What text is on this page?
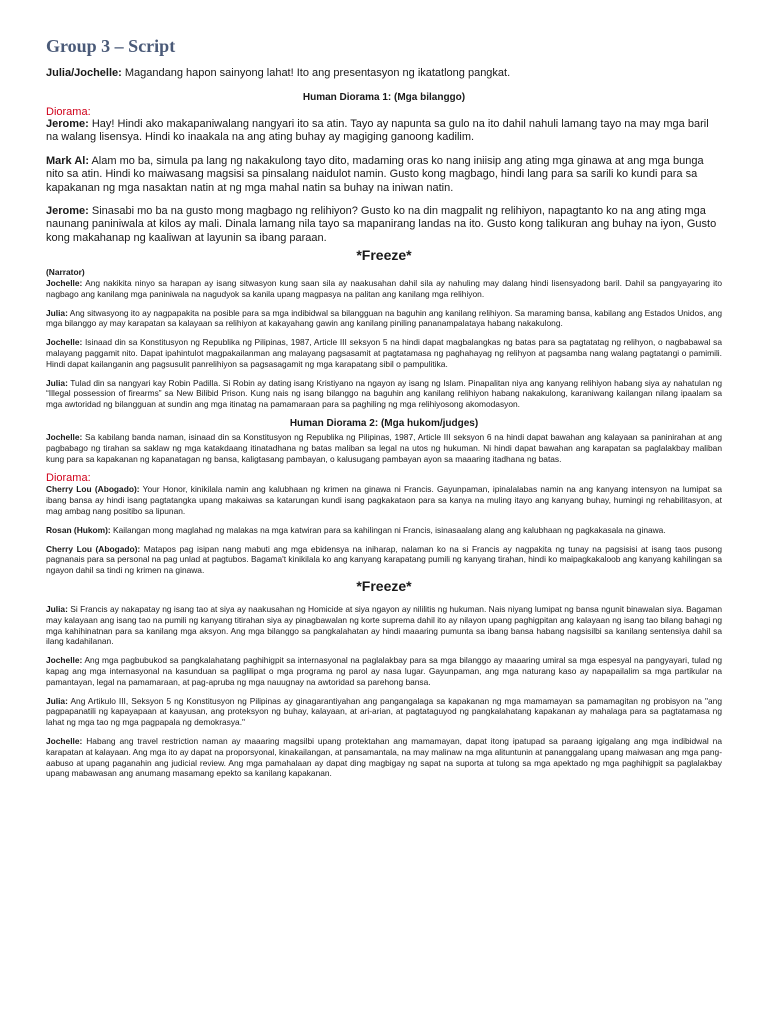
Group 3 – Script

Julia/Jochelle: Magandang hapon sainyong lahat! Ito ang presentasyon ng ikatatlong pangkat.

Human Diorama 1: (Mga bilanggo)

Diorama:

Jerome: Hay! Hindi ako makapaniwalang nangyari ito sa atin. Tayo ay napunta sa gulo na ito dahil nahuli lamang tayo na may mga baril na walang lisensya. Hindi ko inaakala na ang ating buhay ay magiging ganoong kadilim.

Mark Al: Alam mo ba, simula pa lang ng nakakulong tayo dito, madaming oras ko nang iniisip ang ating mga ginawa at ang mga bunga nito sa atin. Hindi ko maiwasang magsisi sa pinsalang naidulot namin. Gusto kong magbago, hindi lang para sa sarili ko kundi para sa kapakanan ng mga nasaktan natin at ng mga mahal natin sa buhay na iniwan natin.

Jerome: Sinasabi mo ba na gusto mong magbago ng relihiyon? Gusto ko na din magpalit ng relihiyon, napagtanto ko na ang ating mga naunang paniniwala at kilos ay mali. Dinala lamang nila tayo sa mapanirang landas na ito. Gusto kong talikuran ang buhay na iyon, Gusto kong makahanap ng kaaliwan at layunin sa ibang paraan.

*Freeze*

(Narrator)

Jochelle: Ang nakikita ninyo sa harapan ay isang sitwasyon kung saan sila ay naakusahan dahil sila ay nahuling may dalang hindi lisensyadong baril. Dahil sa pangyayaring ito nagbago ang kanilang mga paniniwala na nagudyok sa kanila upang magpasya na palitan ang kanilang mga relihiyon.

Julia: Ang sitwasyong ito ay nagpapakita na posible para sa mga indibidwal sa bilangguan na baguhin ang kanilang relihiyon. Sa maraming bansa, kabilang ang Estados Unidos, ang mga bilanggo ay may karapatan sa kalayaan sa relihiyon at kakayahang gawin ang kanilang piniling pananampalataya habang nakakulong.

Jochelle: Isinaad din sa Konstitusyon ng Republika ng Pilipinas, 1987, Article III seksyon 5 na hindi dapat magbalangkas ng batas para sa pagtatatag ng relihyon, o nagbabawal sa malayang paggamit nito. Dapat ipahintulot magpakailanman ang malayang pagsasamit at pagtatamasa ng paghahayag ng relihyon at pagsamba nang walang pagtatangi o pamimili. Hindi dapat kailanganin ang pagsusulit panrelihiyon sa pagsasagamit ng mga karapatang sibil o pampulitika.

Julia: Tulad din sa nangyari kay Robin Padilla. Si Robin ay dating isang Kristiyano na ngayon ay isang ng Islam. Pinapalitan niya ang kanyang relihiyon habang siya ay nahatulan ng “Illegal possession of firearms” sa New Bilibid Prison. Kung nais ng isang bilanggo na baguhin ang kanilang relihiyon habang nakakulong, karaniwang kailangan nilang ipaalam sa mga awtoridad ng bilangguan at sundin ang mga itinatag na pamamaraan para sa paghiling ng mga relihiyosong akomodasyon.

Human Diorama 2: (Mga hukom/judges)

Jochelle: Sa kabilang banda naman, isinaad din sa Konstitusyon ng Republika ng Pilipinas, 1987, Article III seksyon 6 na hindi dapat bawahan ang kalayaan sa paninirahan at ang pagbabago ng tirahan sa saklaw ng mga katakdaang itinatadhana ng batas maliban sa legal na utos ng hukuman. Ni hindi dapat bawahan ang karapatan sa paglalakbay maliban kung para sa kapakanan ng kapanatagan ng bansa, kaligtasang pambayan, o kalusugang pambayan ayon sa maaaring itadhana ng batas.

Diorama:

Cherry Lou (Abogado): Your Honor, kinikilala namin ang kalubhaan ng krimen na ginawa ni Francis. Gayunpaman, ipinalalabas namin na ang kanyang intensyon na lumipat sa ibang bansa ay hindi isang pagtatangka upang makaiwas sa katarungan kundi isang pagkakataon para sa kanya na muling itayo ang kanyang buhay, humingi ng rehabilitasyon, at mag ambag nang positibo sa lipunan.

Rosan (Hukom): Kailangan mong maglahad ng malakas na mga katwiran para sa kahilingan ni Francis, isinasaalang alang ang kalubhaan ng pagkakasala na ginawa.

Cherry Lou (Abogado): Matapos pag isipan nang mabuti ang mga ebidensya na iniharap, nalaman ko na si Francis ay nagpakita ng tunay na pagsisisi at isang taos pusong pagnanais para sa personal na pag unlad at pagtubos. Bagama't kinikilala ko ang kanyang karapatang pumili ng kanyang tirahan, hindi ko maipagkakaloob ang kanyang kahilingan sa ngayon dahil sa tindi ng krimen na ginawa.

*Freeze*

Julia: Si Francis ay nakapatay ng isang tao at siya ay naakusahan ng Homicide at siya ngayon ay nililitis ng hukuman. Nais niyang lumipat ng bansa ngunit binawalan siya. Bagaman may kalayaan ang isang tao na pumili ng kanyang titirahan siya ay pinagbawalan ng korte suprema dahil ito ay nilayon upang paghigpitan ang kalayaan ng isang tao bilang bahagi ng mga kahihinatnan para sa kanilang mga aksyon. Ang mga bilanggo sa pangkalahatan ay hindi maaaring pumunta sa ibang bansa habang nagsisilbi sa kanilang sentensiya dahil sa ilang kadahilanan.

Jochelle: Ang mga pagbubukod sa pangkalahatang paghihigpit sa internasyonal na paglalakbay para sa mga bilanggo ay maaaring umiral sa mga espesyal na pangyayari, tulad ng kapag ang mga internasyonal na kasunduan sa paglilipat o mga programa ng parol ay nasa lugar. Gayunpaman, ang mga naturang kaso ay napapailalim sa mga partikular na pamantayan, legal na pamamaraan, at pag-apruba ng mga nauugnay na awtoridad sa parehong bansa.

Julia: Ang Artikulo III, Seksyon 5 ng Konstitusyon ng Pilipinas ay ginagarantiyahan ang pangangalaga sa kapakanan ng mga mamamayan sa pamamagitan ng probisyon na "ang pagpapanatili ng kapayapaan at kaayusan, ang proteksyon ng buhay, kalayaan, at ari-arian, at pagtataguyod ng pangkalahatang kapakanan ay mahalaga para sa pagtatamasa ng lahat ng mga tao ng mga pagpapala ng demokrasya."

Jochelle: Habang ang travel restriction naman ay maaaring magsilbi upang protektahan ang mamamayan, dapat itong ipatupad sa paraang igigalang ang mga indibidwal na karapatan at kalayaan. Ang mga ito ay dapat na proporsyonal, kinakailangan, at pansamantala, na may malinaw na mga alituntunin at pananggalang upang maiwasan ang mga pang-aabuso at upang paganahin ang judicial review. Ang mga pamahalaan ay dapat ding magbigay ng sapat na suporta at tulong sa mga apektado ng mga paghihigpit sa paglalakbay upang mabawasan ang anumang masamang epekto sa kanilang kapakanan.
